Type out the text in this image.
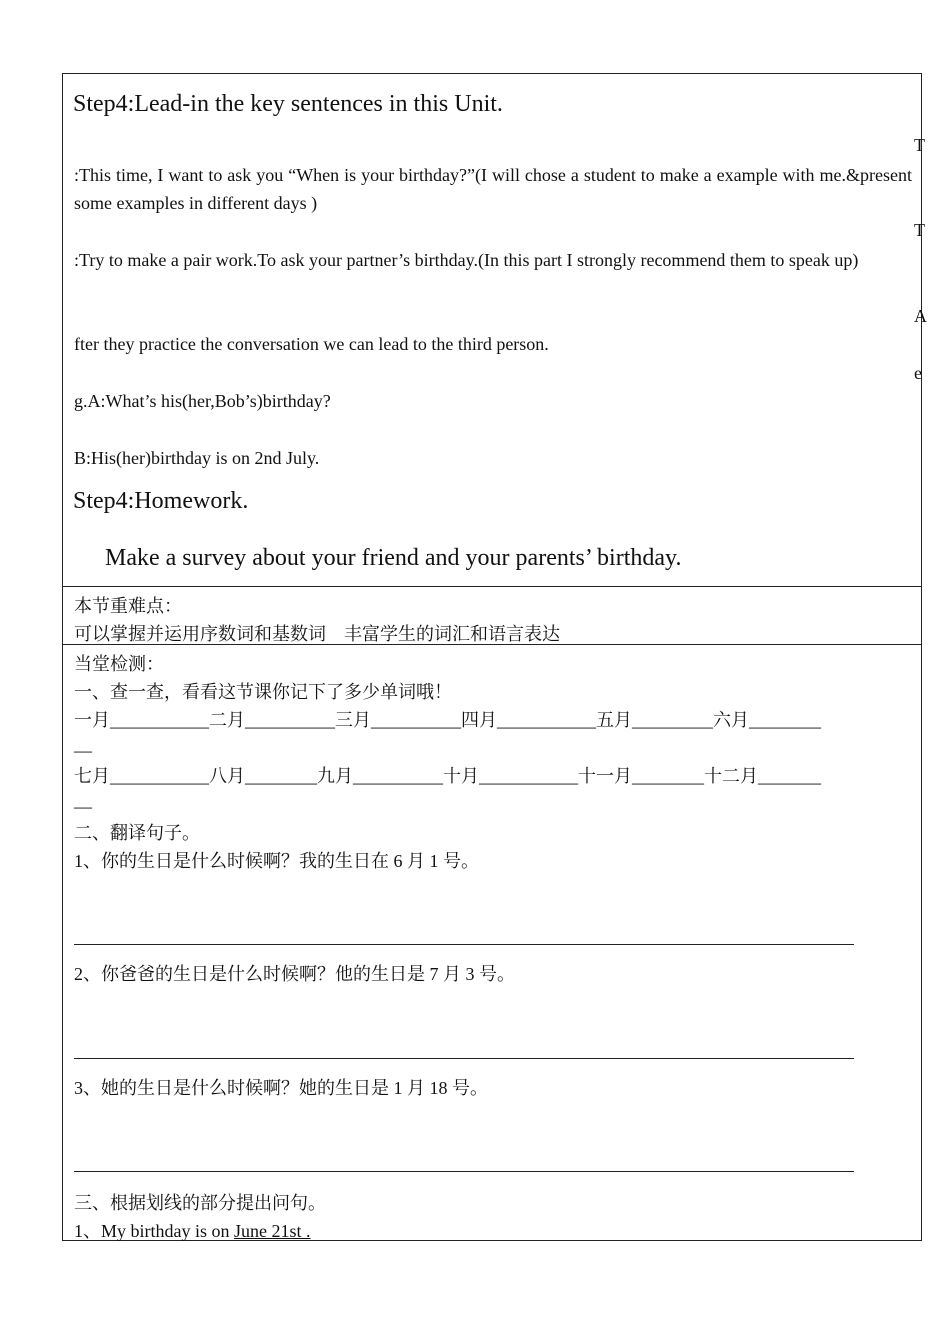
Step4:Lead-in the key sentences in this Unit.
T
:This time, I want to ask you “When is your birthday?”(I will chose a student to make a example with me.&present some examples in different days )
T
:Try to make a pair work.To ask your partner’s birthday.(In this part I strongly recommend them to speak up)
A
fter they practice the conversation we can lead to the third person.
e
g.A:What’s his(her,Bob’s)birthday?
B:His(her)birthday is on 2nd July.
Step4:Homework.
Make a survey about your friend and your parents’ birthday.
本节重难点：
可以掌握并运用序数词和基数词    丰富学生的词汇和语言表达
当堂检测：
一、查一查，看看这节课你记下了多少单词哦！
一月___________二月__________三月__________四月___________五月_________六月________
__
七月___________八月________九月__________十月___________十一月________十二月_______
__
二、翻译句子。
1、你的生日是什么时候啊？我的生日在 6 月 1 号。
2、你爸爸的生日是什么时候啊？他的生日是 7 月 3 号。
3、她的生日是什么时候啊？她的生日是 1 月 18 号。
三、根据划线的部分提出问句。
1、My birthday is on June 21st .
